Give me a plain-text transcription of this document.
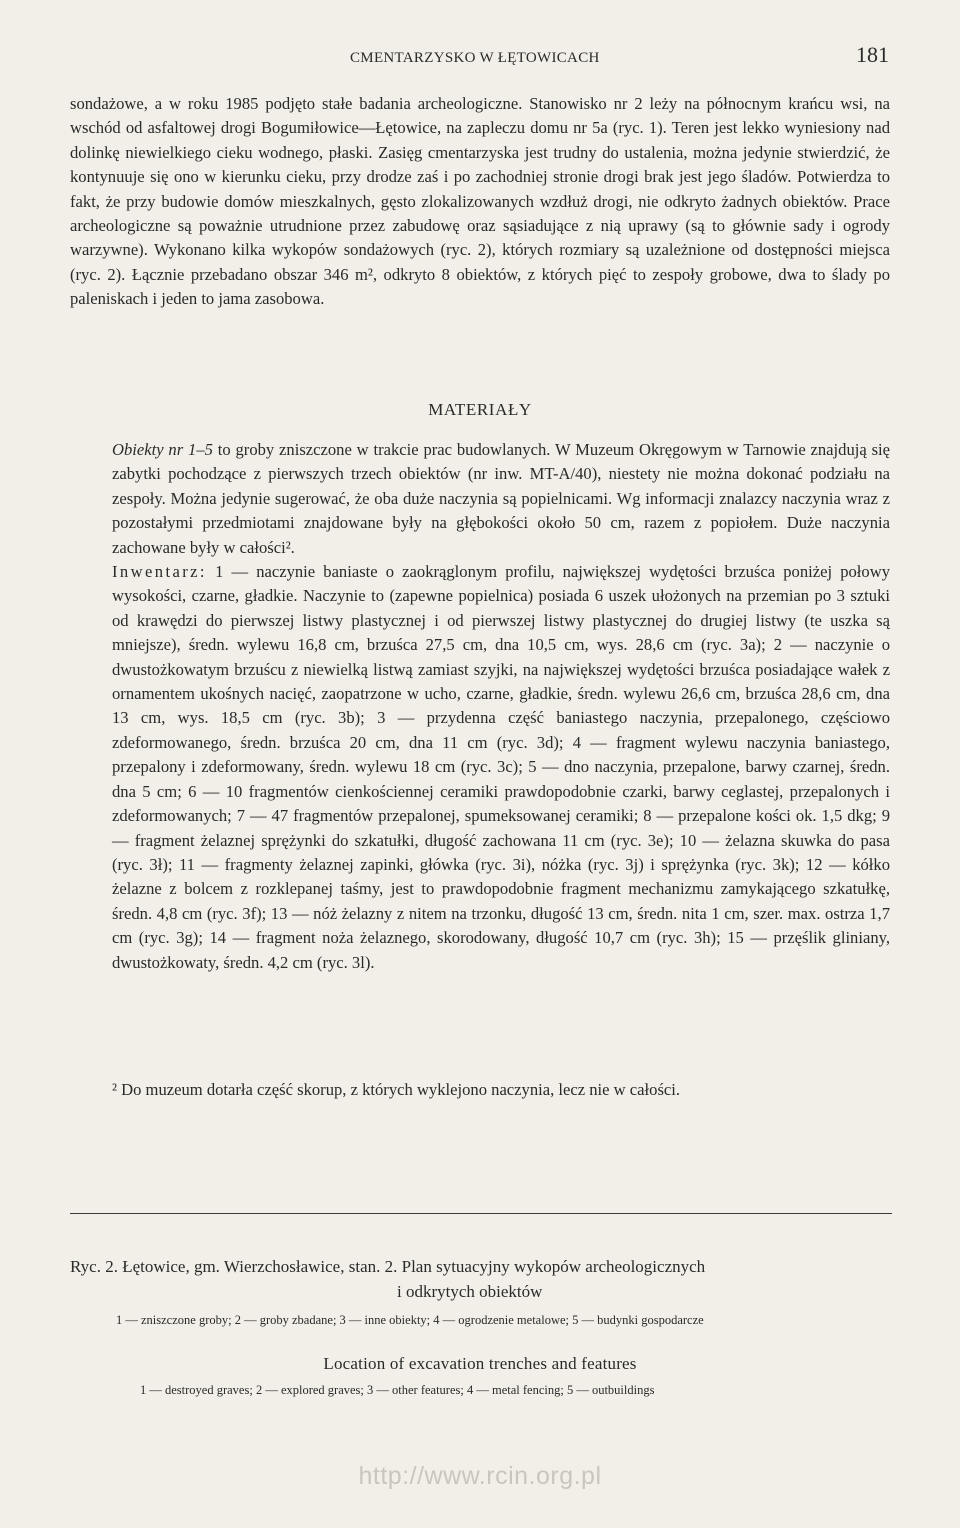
CMENTARZYSKO W ŁĘTOWICACH	181

sondażowe, a w roku 1985 podjęto stałe badania archeologiczne. Stanowisko nr 2 leży na północnym krańcu wsi, na wschód od asfaltowej drogi Bogumiłowice—Łętowice, na zapleczu domu nr 5a (ryc. 1). Teren jest lekko wyniesiony nad dolinkę niewielkiego cieku wodnego, płaski. Zasięg cmentarzyska jest trudny do ustalenia, można jedynie stwierdzić, że kontynuuje się ono w kierunku cieku, przy drodze zaś i po zachodniej stronie drogi brak jest jego śladów. Potwierdza to fakt, że przy budowie domów mieszkalnych, gęsto zlokalizowanych wzdłuż drogi, nie odkryto żadnych obiektów. Prace archeologiczne są poważnie utrudnione przez zabudowę oraz sąsiadujące z nią uprawy (są to głównie sady i ogrody warzywne). Wykonano kilka wykopów sondażowych (ryc. 2), których rozmiary są uzależnione od dostępności miejsca (ryc. 2). Łącznie przebadano obszar 346 m², odkryto 8 obiektów, z których pięć to zespoły grobowe, dwa to ślady po paleniskach i jeden to jama zasobowa.

MATERIAŁY

Obiekty nr 1–5 to groby zniszczone w trakcie prac budowlanych. W Muzeum Okręgowym w Tarnowie znajdują się zabytki pochodzące z pierwszych trzech obiektów (nr inw. MT-A/40), niestety nie można dokonać podziału na zespoły. Można jedynie sugerować, że oba duże naczynia są popielnicami. Wg informacji znalazcy naczynia wraz z pozostałymi przedmiotami znajdowane były na głębokości około 50 cm, razem z popiołem. Duże naczynia zachowane były w całości².

Inwentarz: 1 — naczynie baniaste o zaokrąglonym profilu, największej wydętości brzuśca poniżej połowy wysokości, czarne, gładkie. Naczynie to (zapewne popielnica) posiada 6 uszek ułożonych na przemian po 3 sztuki od krawędzi do pierwszej listwy plastycznej i od pierwszej listwy plastycznej do drugiej listwy (te uszka są mniejsze), średn. wylewu 16,8 cm, brzuśca 27,5 cm, dna 10,5 cm, wys. 28,6 cm (ryc. 3a); 2 — naczynie o dwustożkowatym brzuścu z niewielką listwą zamiast szyjki, na największej wydętości brzuśca posiadające wałek z ornamentem ukośnych nacięć, zaopatrzone w ucho, czarne, gładkie, średn. wylewu 26,6 cm, brzuśca 28,6 cm, dna 13 cm, wys. 18,5 cm (ryc. 3b); 3 — przydenna część baniastego naczynia, przepalonego, częściowo zdeformowanego, średn. brzuśca 20 cm, dna 11 cm (ryc. 3d); 4 — fragment wylewu naczynia baniastego, przepalony i zdeformowany, średn. wylewu 18 cm (ryc. 3c); 5 — dno naczynia, przepalone, barwy czarnej, średn. dna 5 cm; 6 — 10 fragmentów cienkościennej ceramiki prawdopodobnie czarki, barwy ceglastej, przepalonych i zdeformowanych; 7 — 47 fragmentów przepalonej, spumeksowanej ceramiki; 8 — przepalone kości ok. 1,5 dkg; 9 — fragment żelaznej sprężynki do szkatułki, długość zachowana 11 cm (ryc. 3e); 10 — żelazna skuwka do pasa (ryc. 3ł); 11 — fragmenty żelaznej zapinki, główka (ryc. 3i), nóżka (ryc. 3j) i sprężynka (ryc. 3k); 12 — kółko żelazne z bolcem z rozklepanej taśmy, jest to prawdopodobnie fragment mechanizmu zamykającego szkatułkę, średn. 4,8 cm (ryc. 3f); 13 — nóż żelazny z nitem na trzonku, długość 13 cm, średn. nita 1 cm, szer. max. ostrza 1,7 cm (ryc. 3g); 14 — fragment noża żelaznego, skorodowany, długość 10,7 cm (ryc. 3h); 15 — przęślik gliniany, dwustożkowaty, średn. 4,2 cm (ryc. 3l).

² Do muzeum dotarła część skorup, z których wyklejono naczynia, lecz nie w całości.
Ryc. 2. Łętowice, gm. Wierzchosławice, stan. 2. Plan sytuacyjny wykopów archeologicznych
i odkrytych obiektów
1 — zniszczone groby; 2 — groby zbadane; 3 — inne obiekty; 4 — ogrodzenie metalowe; 5 — budynki gospodarcze
Location of excavation trenches and features
1 — destroyed graves; 2 — explored graves; 3 — other features; 4 — metal fencing; 5 — outbuildings
http://www.rcin.org.pl
